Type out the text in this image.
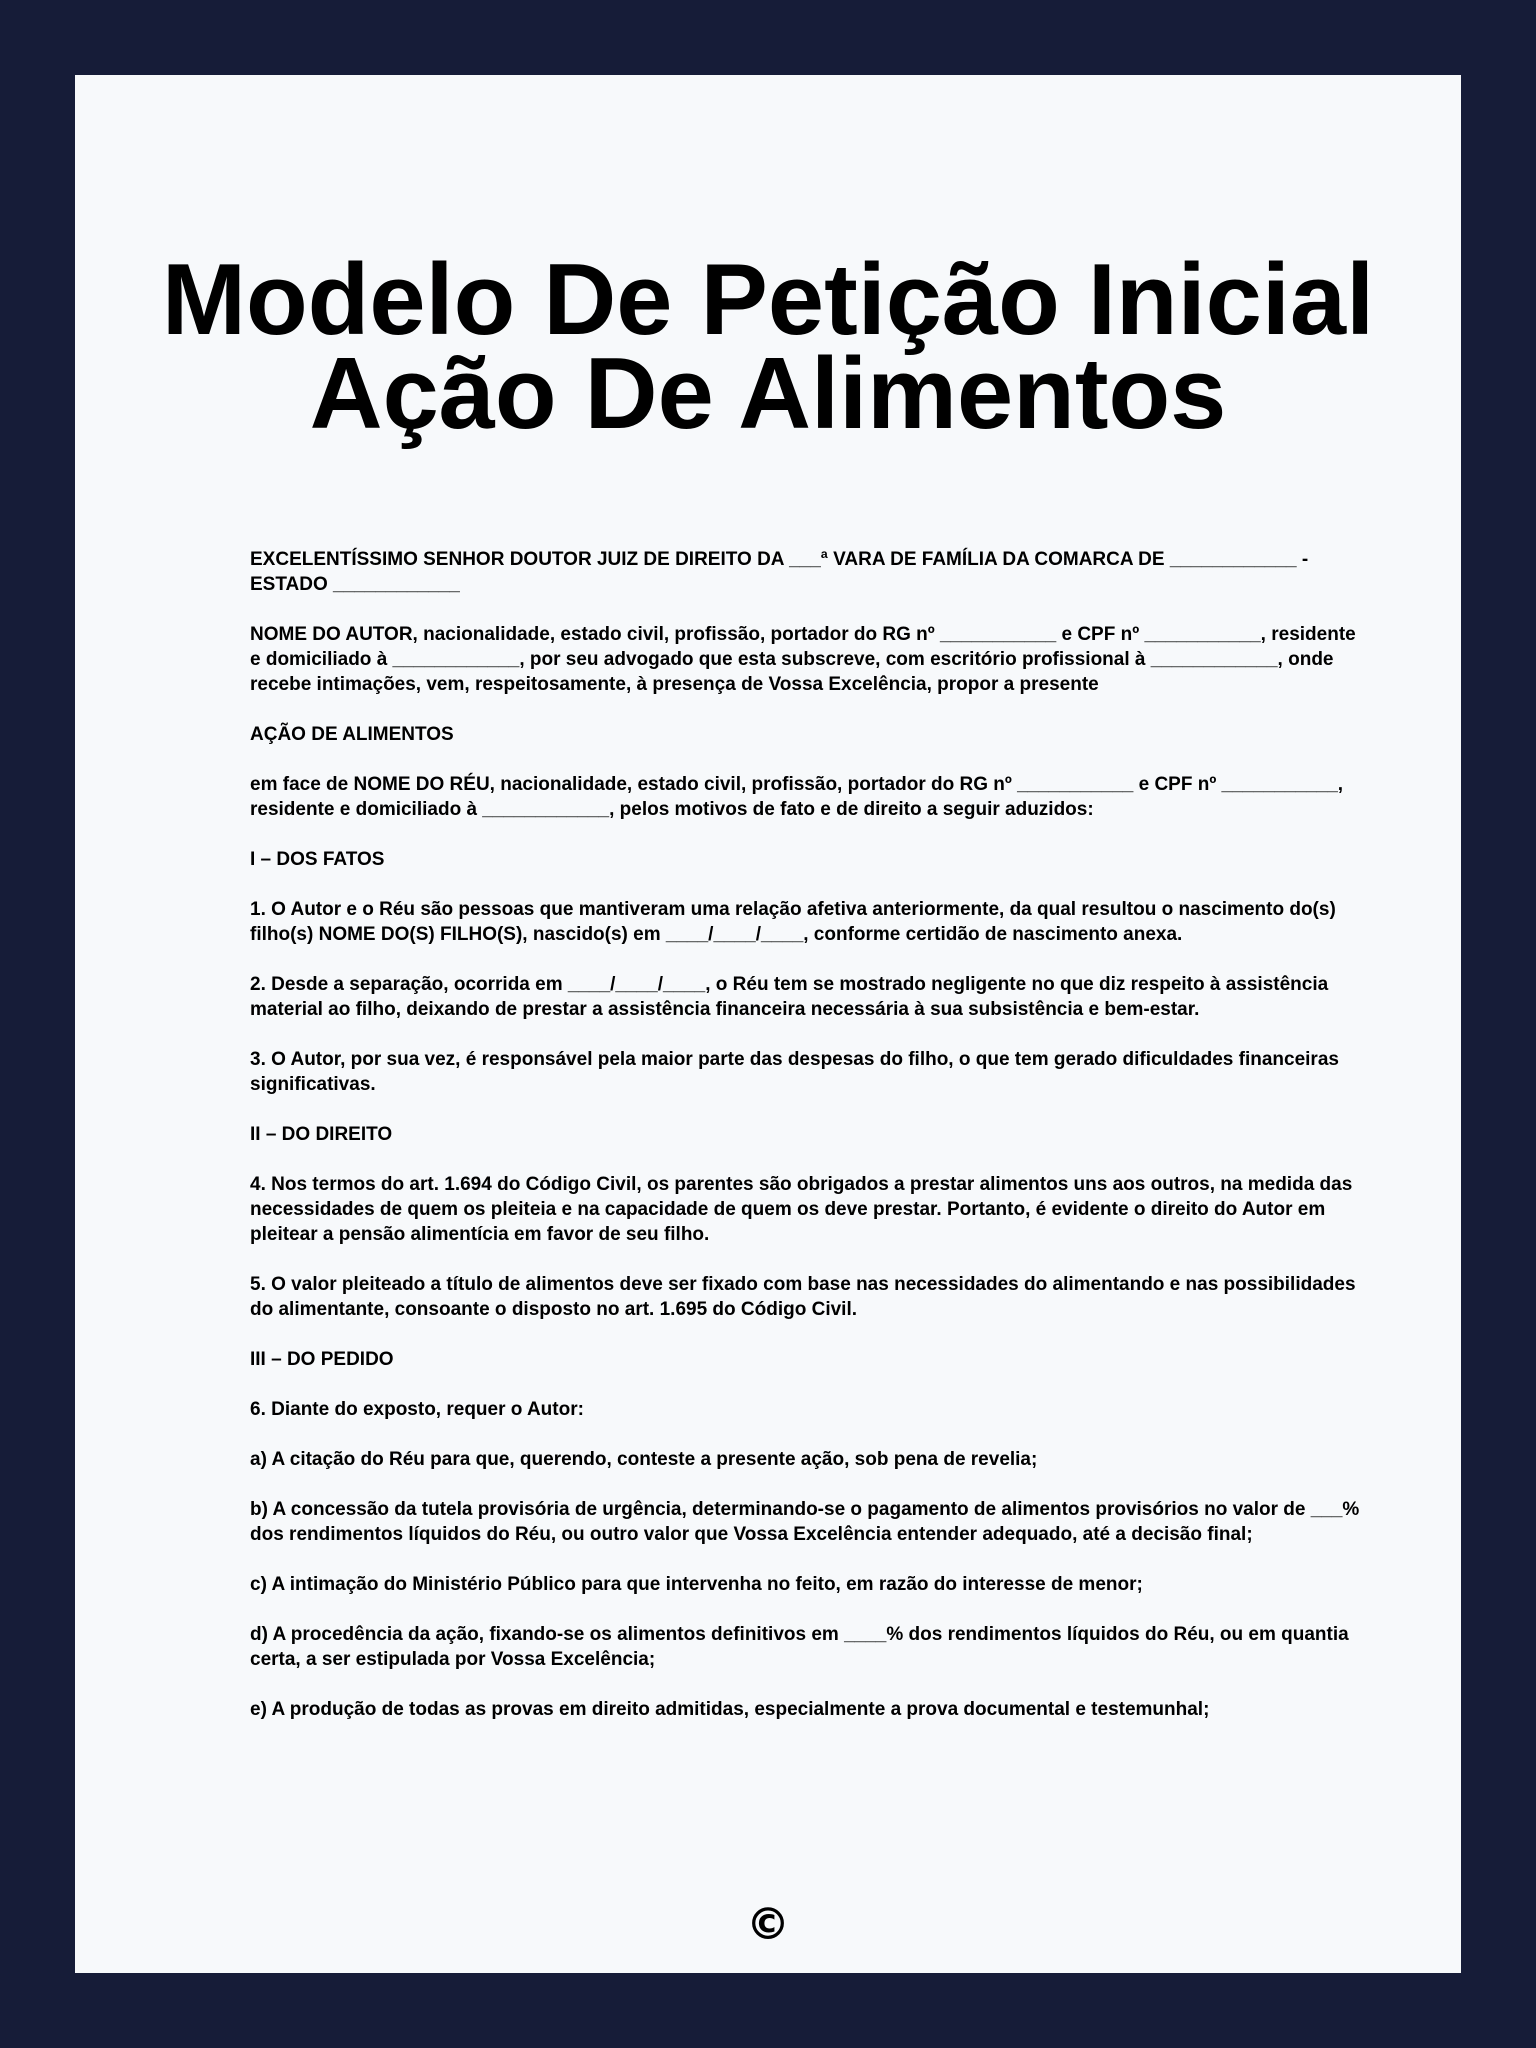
Modelo De Petição Inicial
Ação De Alimentos

EXCELENTÍSSIMO SENHOR DOUTOR JUIZ DE DIREITO DA ___ª VARA DE FAMÍLIA DA COMARCA DE ____________ - ESTADO ____________

NOME DO AUTOR, nacionalidade, estado civil, profissão, portador do RG nº ___________ e CPF nº ___________, residente e domiciliado à ____________, por seu advogado que esta subscreve, com escritório profissional à ____________, onde recebe intimações, vem, respeitosamente, à presença de Vossa Excelência, propor a presente

AÇÃO DE ALIMENTOS

em face de NOME DO RÉU, nacionalidade, estado civil, profissão, portador do RG nº ___________ e CPF nº ___________, residente e domiciliado à ____________, pelos motivos de fato e de direito a seguir aduzidos:

I – DOS FATOS

1. O Autor e o Réu são pessoas que mantiveram uma relação afetiva anteriormente, da qual resultou o nascimento do(s) filho(s) NOME DO(S) FILHO(S), nascido(s) em ____/____/____, conforme certidão de nascimento anexa.

2. Desde a separação, ocorrida em ____/____/____, o Réu tem se mostrado negligente no que diz respeito à assistência material ao filho, deixando de prestar a assistência financeira necessária à sua subsistência e bem-estar.

3. O Autor, por sua vez, é responsável pela maior parte das despesas do filho, o que tem gerado dificuldades financeiras significativas.

II – DO DIREITO

4. Nos termos do art. 1.694 do Código Civil, os parentes são obrigados a prestar alimentos uns aos outros, na medida das necessidades de quem os pleiteia e na capacidade de quem os deve prestar. Portanto, é evidente o direito do Autor em pleitear a pensão alimentícia em favor de seu filho.

5. O valor pleiteado a título de alimentos deve ser fixado com base nas necessidades do alimentando e nas possibilidades do alimentante, consoante o disposto no art. 1.695 do Código Civil.

III – DO PEDIDO

6. Diante do exposto, requer o Autor:

a) A citação do Réu para que, querendo, conteste a presente ação, sob pena de revelia;

b) A concessão da tutela provisória de urgência, determinando-se o pagamento de alimentos provisórios no valor de ___% dos rendimentos líquidos do Réu, ou outro valor que Vossa Excelência entender adequado, até a decisão final;

c) A intimação do Ministério Público para que intervenha no feito, em razão do interesse de menor;

d) A procedência da ação, fixando-se os alimentos definitivos em ____% dos rendimentos líquidos do Réu, ou em quantia certa, a ser estipulada por Vossa Excelência;

e) A produção de todas as provas em direito admitidas, especialmente a prova documental e testemunhal;

©
